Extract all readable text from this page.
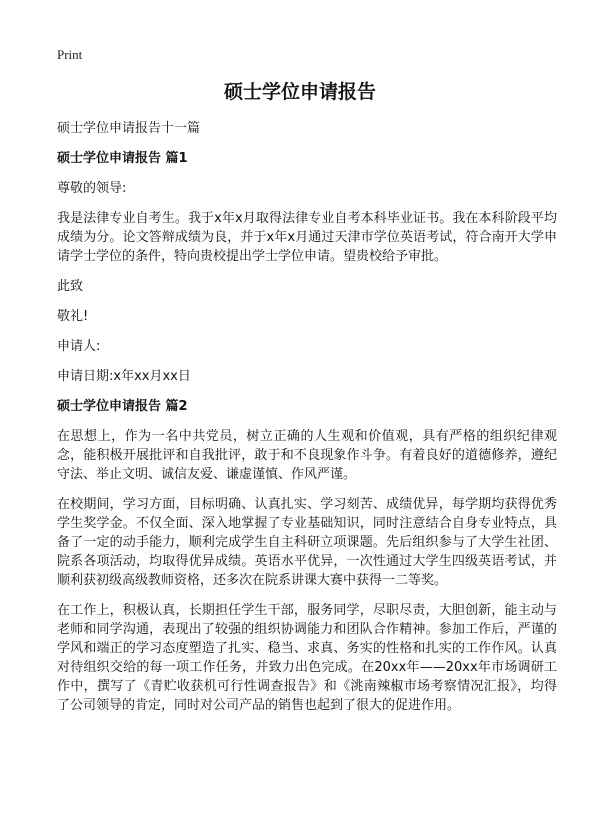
Print
硕士学位申请报告

硕士学位申请报告十一篇

硕士学位申请报告 篇1

尊敬的领导:

我是法律专业自考生。我于x年x月取得法律专业自考本科毕业证书。我在本科阶段平均成绩为分。论文答辩成绩为良，并于x年x月通过天津市学位英语考试，符合南开大学申请学士学位的条件，特向贵校提出学士学位申请。望贵校给予审批。

此致

敬礼!

申请人:

申请日期:x年xx月xx日

硕士学位申请报告 篇2

在思想上，作为一名中共党员，树立正确的人生观和价值观，具有严格的组织纪律观念，能积极开展批评和自我批评，敢于和不良现象作斗争。有着良好的道德修养，遵纪守法、举止文明、诚信友爱、谦虚谨慎、作风严谨。

在校期间，学习方面，目标明确、认真扎实、学习刻苦、成绩优异，每学期均获得优秀学生奖学金。不仅全面、深入地掌握了专业基础知识，同时注意结合自身专业特点，具备了一定的动手能力，顺利完成学生自主科研立项课题。先后组织参与了大学生社团、院系各项活动，均取得优异成绩。英语水平优异，一次性通过大学生四级英语考试，并顺利获初级高级教师资格，还多次在院系讲课大赛中获得一二等奖。

在工作上，积极认真，长期担任学生干部，服务同学，尽职尽责，大胆创新，能主动与老师和同学沟通，表现出了较强的组织协调能力和团队合作精神。参加工作后，严谨的学风和端正的学习态度塑造了扎实、稳当、求真、务实的性格和扎实的工作作风。认真对待组织交给的每一项工作任务，并致力出色完成。在20xx年——20xx年市场调研工作中，撰写了《青贮收获机可行性调查报告》和《洮南辣椒市场考察情况汇报》，均得了公司领导的肯定，同时对公司产品的销售也起到了很大的促进作用。
